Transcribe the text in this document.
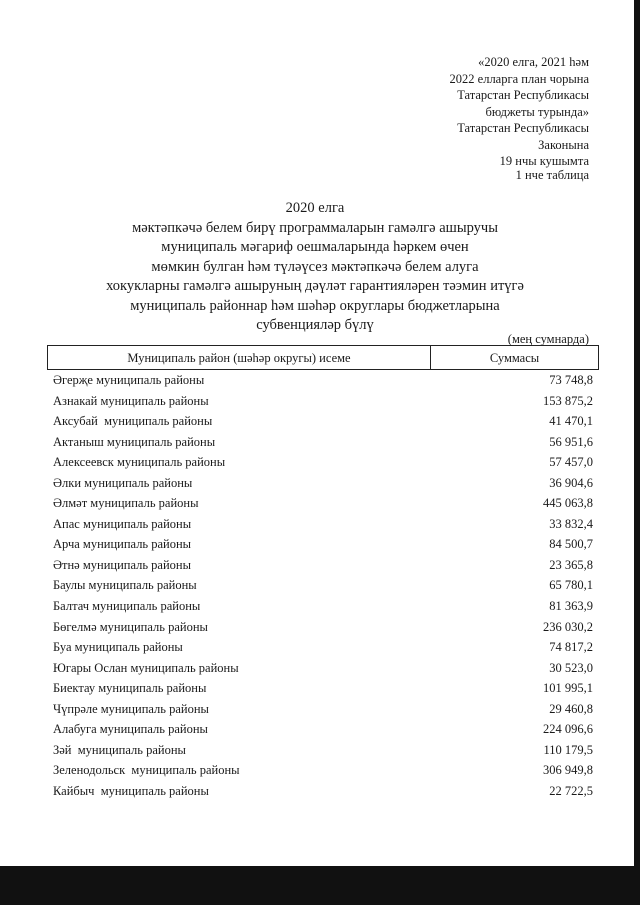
«2020 елга, 2021 һәм
2022 елларга план чорына
Татарстан Республикасы
бюджеты турында»
Татарстан Республикасы
Законына
19 нчы кушымта
1 нче таблица
2020 елга
мәктәпкәчә белем бирү программаларын гамәлгә ашыручы
муниципаль мәгариф оешмаларында һәркем өчен
мөмкин булган һәм түләүсез мәктәпкәчә белем алуга
хокукларны гамәлгә ашыруның дәүләт гарантияләрен тәэмин итүгә
муниципаль районнар һәм шәһәр округлары бюджетларына
субвенцияләр бүлү
(мең сумнарда)
Муниципаль район (шәһәр округы) исеме	Суммасы
Әгерҗе муниципаль районы	73 748,8
Азнакай муниципаль районы	153 875,2
Аксубай  муниципаль районы	41 470,1
Актаныш муниципаль районы	56 951,6
Алексеевск муниципаль районы	57 457,0
Әлки муниципаль районы	36 904,6
Әлмәт муниципаль районы	445 063,8
Апас муниципаль районы	33 832,4
Арча муниципаль районы	84 500,7
Әтнә муниципаль районы	23 365,8
Баулы муниципаль районы	65 780,1
Балтач муниципаль районы	81 363,9
Бөгелмә муниципаль районы	236 030,2
Буа муниципаль районы	74 817,2
Югары Ослан муниципаль районы	30 523,0
Биектау муниципаль районы	101 995,1
Чүпрәле муниципаль районы	29 460,8
Алабуга муниципаль районы	224 096,6
Зәй  муниципаль районы	110 179,5
Зеленодольск  муниципаль районы	306 949,8
Кайбыч  муниципаль районы	22 722,5
